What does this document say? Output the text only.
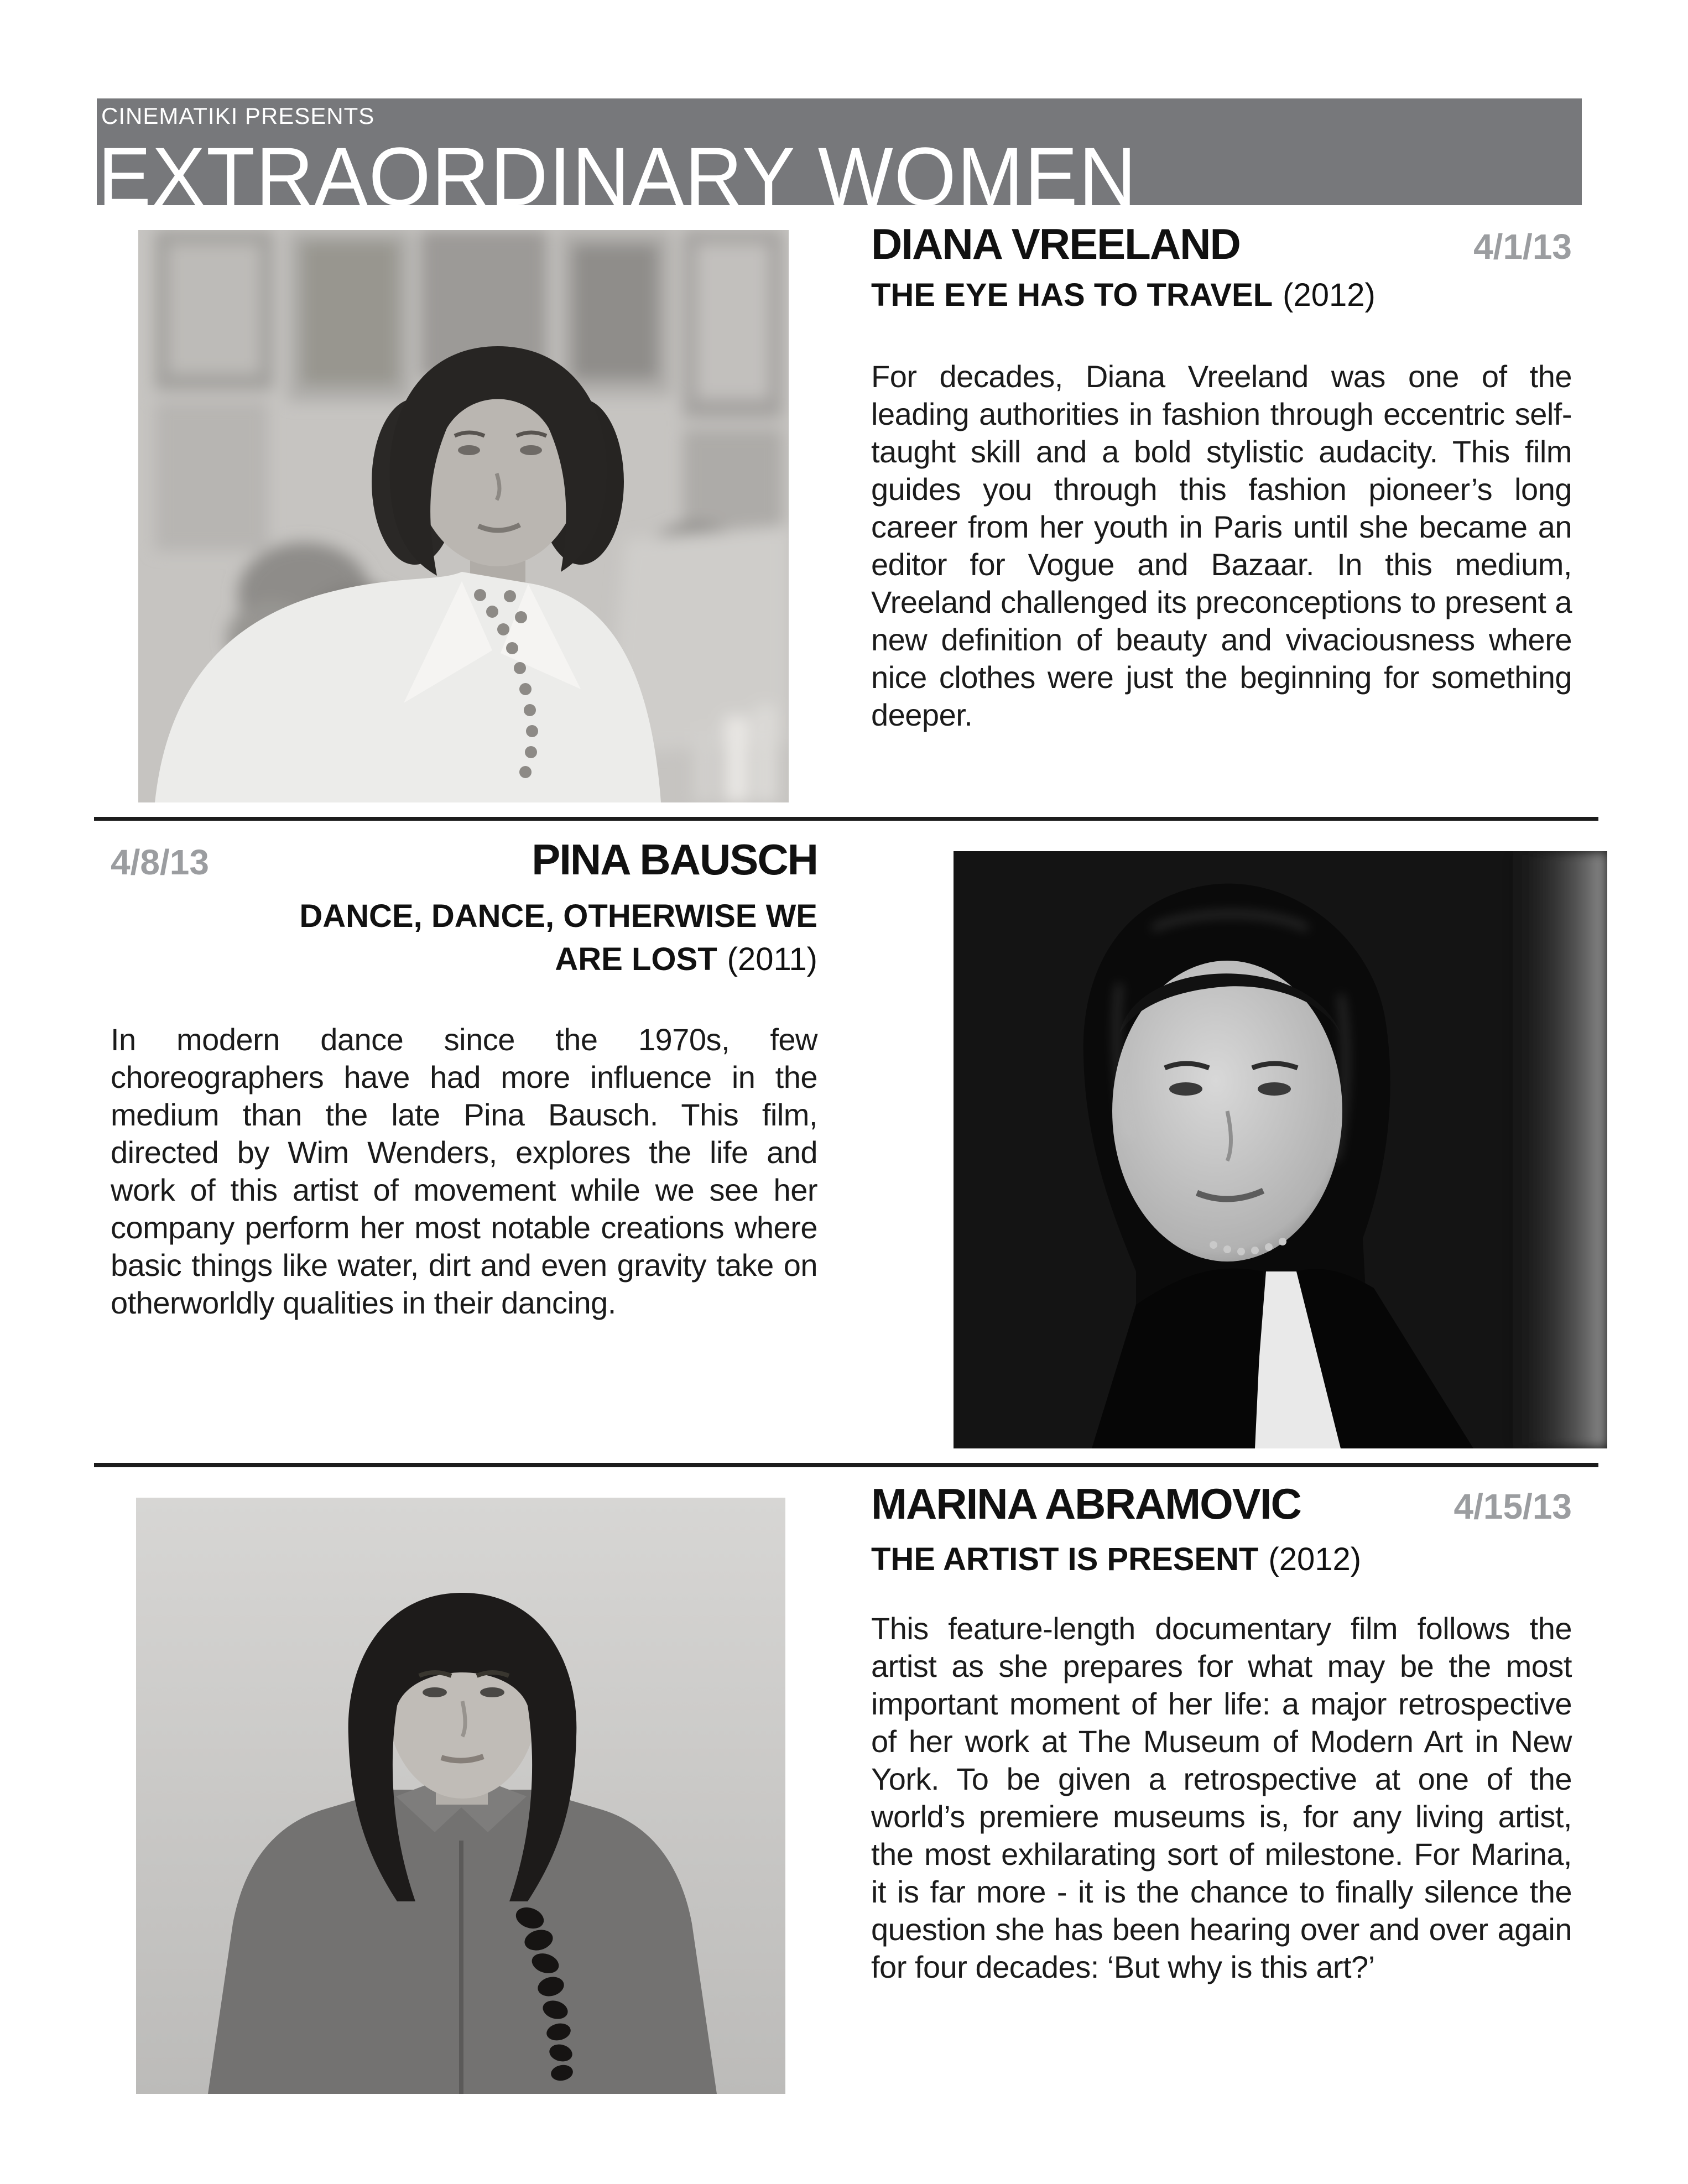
CINEMATIKI PRESENTS
EXTRAORDINARY WOMEN
DIANA VREELAND	4/1/13
THE EYE HAS TO TRAVEL (2012)

For decades, Diana Vreeland was one of the leading authorities in fashion through eccentric self-taught skill and a bold stylistic audacity. This film guides you through this fashion pioneer’s long career from her youth in Paris until she became an editor for Vogue and Bazaar. In this medium, Vreeland challenged its preconceptions to present a new definition of beauty and vivaciousness where nice clothes were just the beginning for something deeper.

PINA BAUSCH
4/8/13
DANCE, DANCE, OTHERWISE WE
ARE LOST (2011)

In modern dance since the 1970s, few choreographers have had more influence in the medium than the late Pina Bausch. This film, directed by Wim Wenders, explores the life and work of this artist of movement while we see her company perform her most notable creations where basic things like water, dirt and even gravity take on otherworldly qualities in their dancing.

MARINA ABRAMOVIC	4/15/13
THE ARTIST IS PRESENT (2012)

This feature-length documentary film follows the artist as she prepares for what may be the most important moment of her life: a major retrospective of her work at The Museum of Modern Art in New York. To be given a retrospective at one of the world’s premiere museums is, for any living artist, the most exhilarating sort of milestone. For Marina, it is far more - it is the chance to finally silence the question she has been hearing over and over again for four decades: ‘But why is this art?’
